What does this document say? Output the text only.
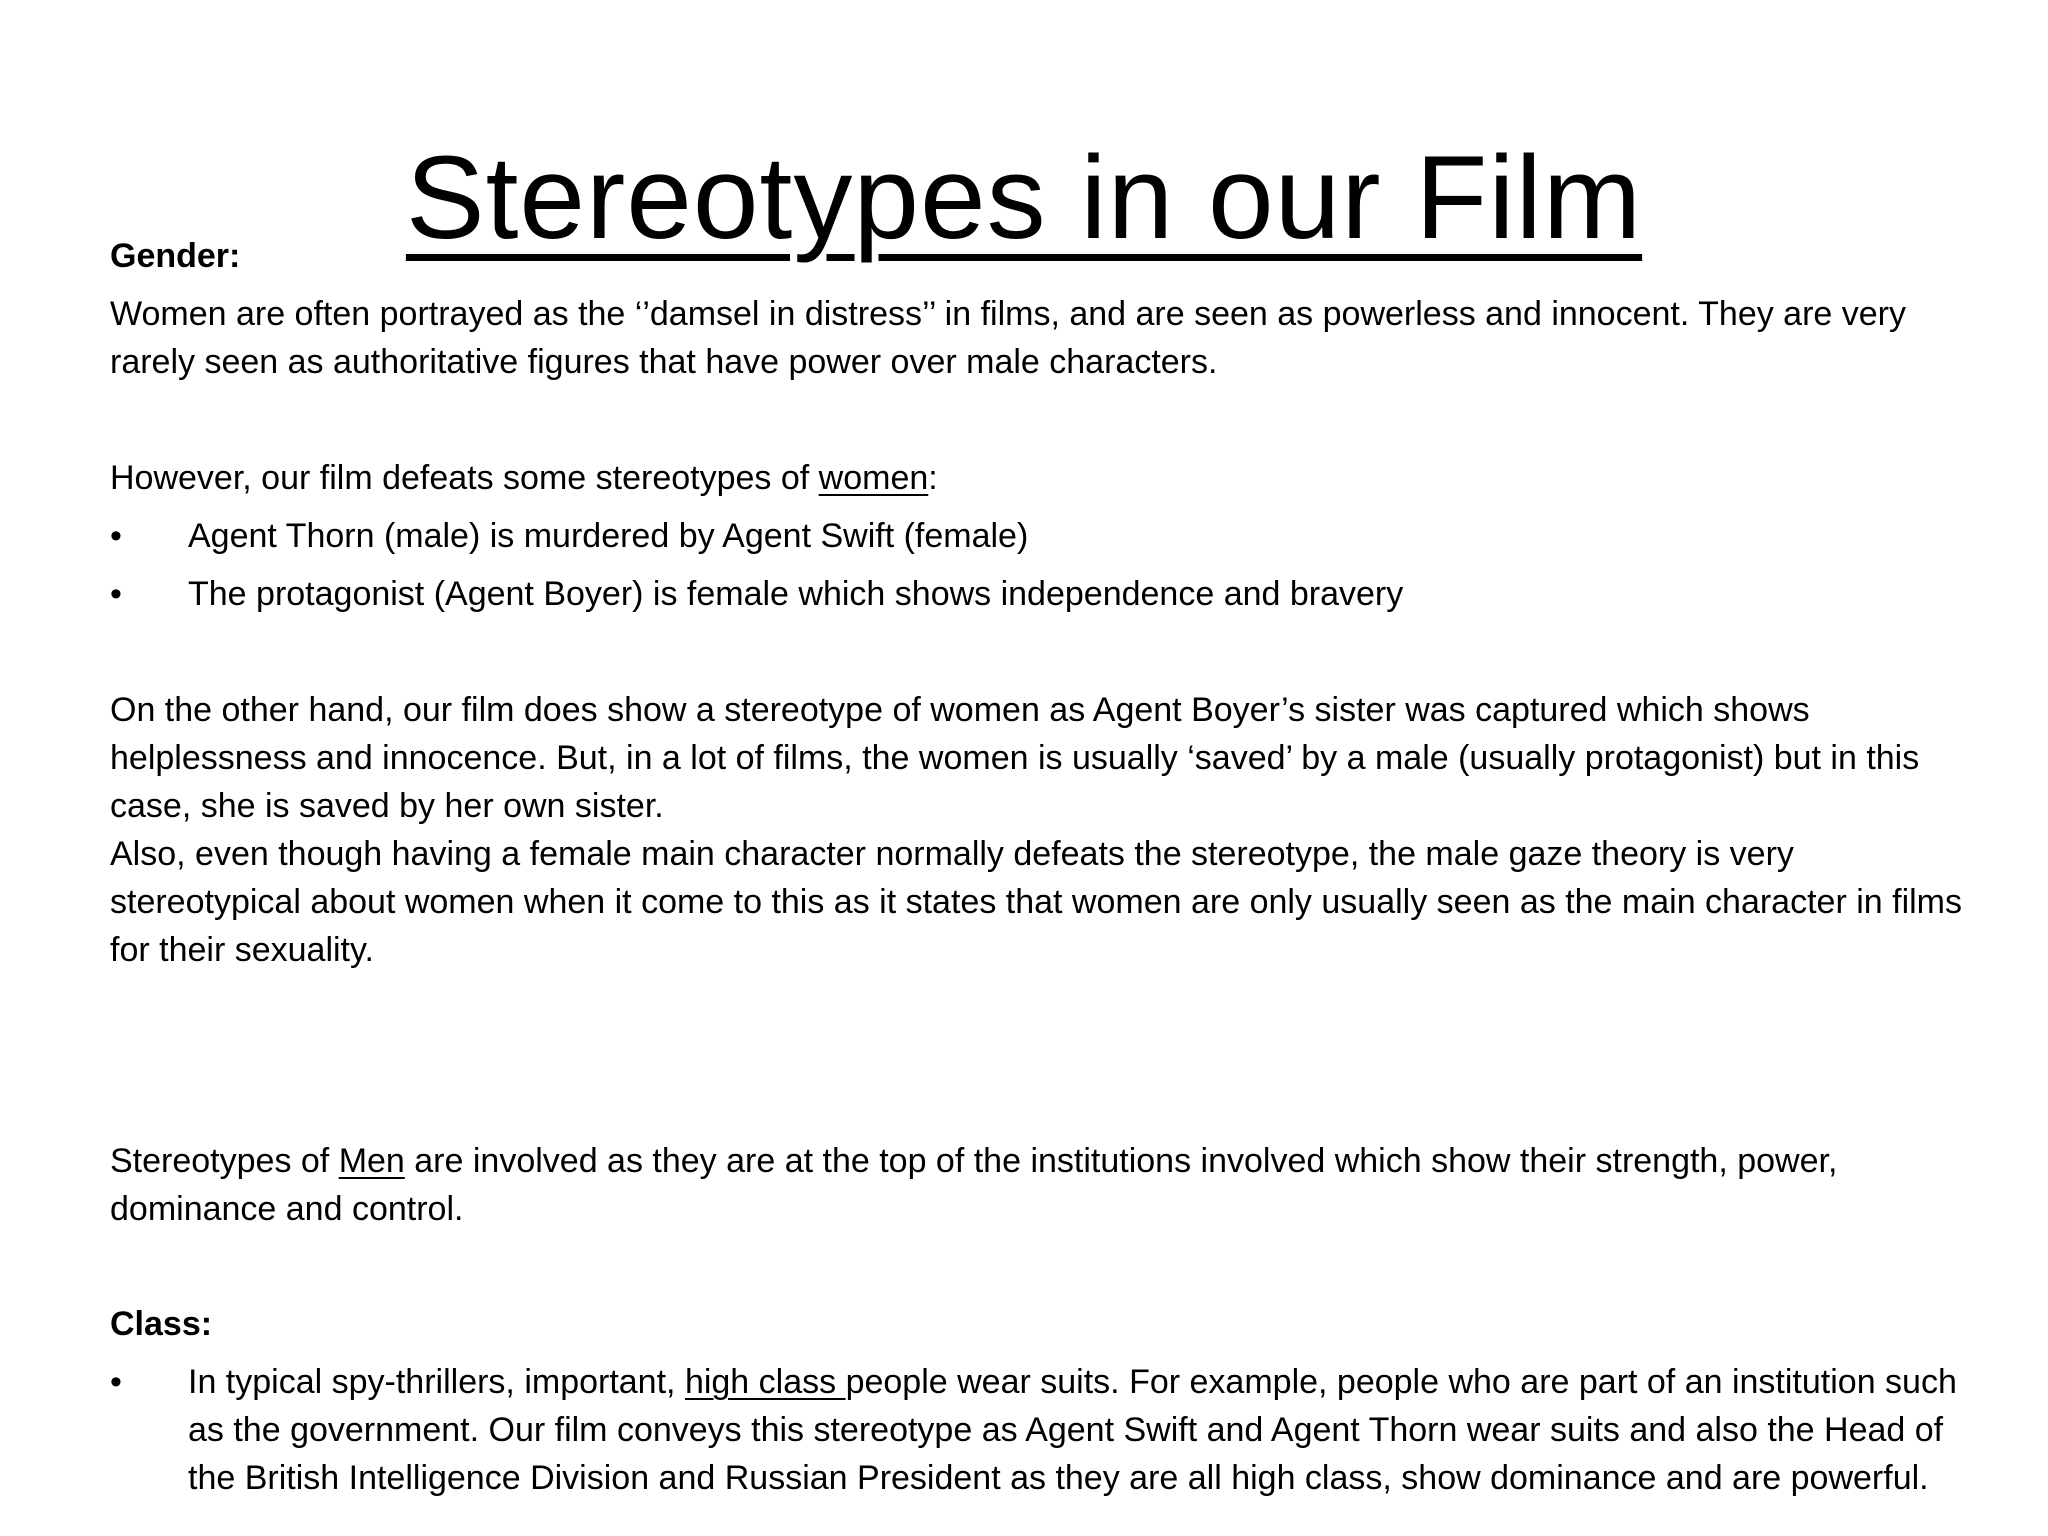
Stereotypes in our Film

Gender:

Women are often portrayed as the ‘’damsel in distress’’ in films, and are seen as powerless and innocent. They are very rarely seen as authoritative figures that have power over male characters.

However, our film defeats some stereotypes of women:

• Agent Thorn (male) is murdered by Agent Swift (female)
• The protagonist (Agent Boyer) is female which shows independence and bravery

On the other hand, our film does show a stereotype of women as Agent Boyer’s sister was captured which shows helplessness and innocence. But, in a lot of films, the women is usually ‘saved’ by a male (usually protagonist) but in this case, she is saved by her own sister.

Also, even though having a female main character normally defeats the stereotype, the male gaze theory is very stereotypical about women when it come to this as it states that women are only usually seen as the main character in films for their sexuality.

Stereotypes of Men are involved as they are at the top of the institutions involved which show their strength, power, dominance and control.

Class:

• In typical spy-thrillers, important, high class people wear suits. For example, people who are part of an institution such as the government. Our film conveys this stereotype as Agent Swift and Agent Thorn wear suits and also the Head of the British Intelligence Division and Russian President as they are all high class, show dominance and are powerful.
